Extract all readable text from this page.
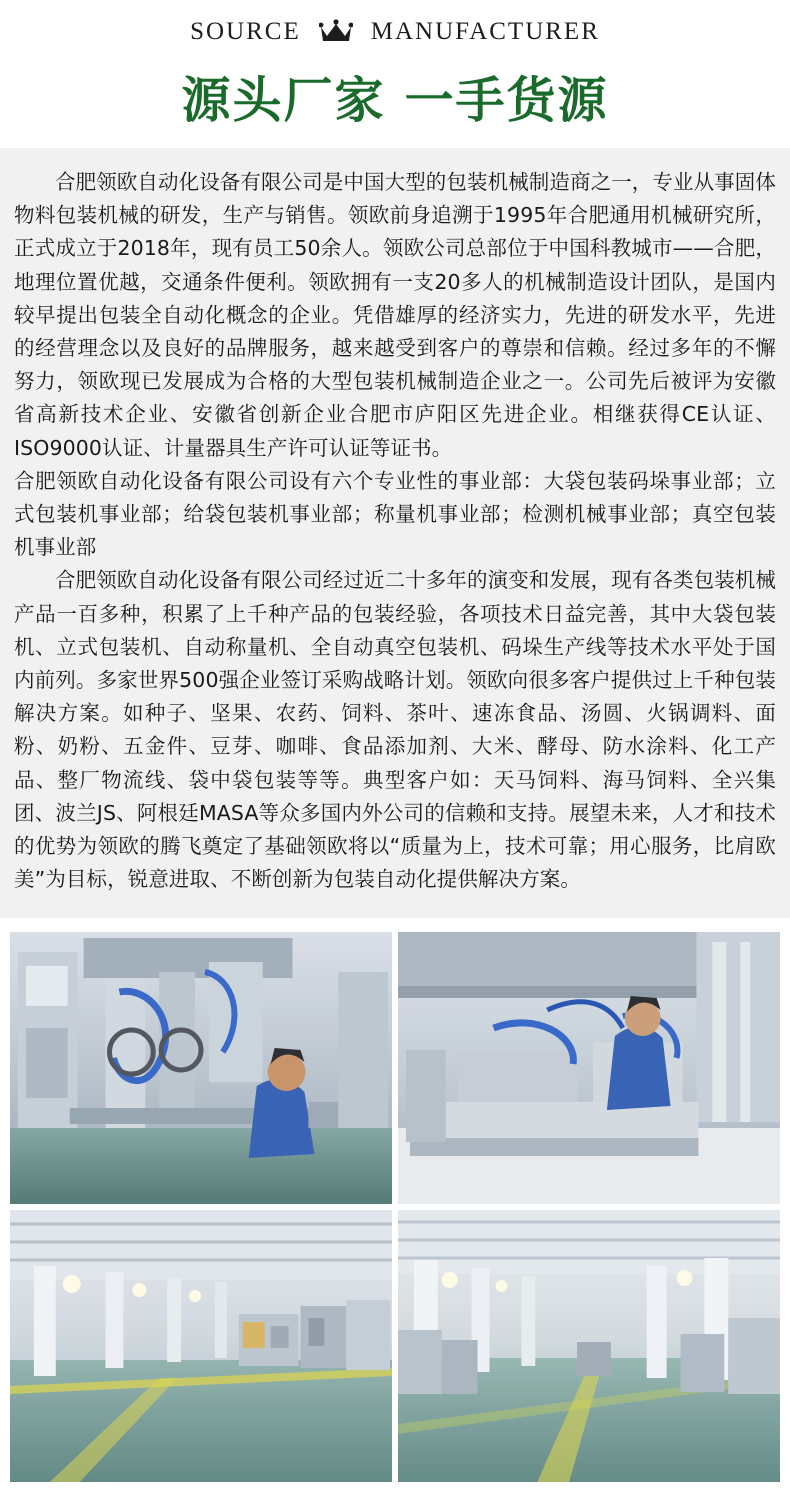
SOURCE	MANUFACTURER
源头厂家 一手货源

合肥领欧自动化设备有限公司是中国大型的包装机械制造商之一，专业从事固体物料包装机械的研发，生产与销售。领欧前身追溯于1995年合肥通用机械研究所，正式成立于2018年，现有员工50余人。领欧公司总部位于中国科教城市——合肥，地理位置优越，交通条件便利。领欧拥有一支20多人的机械制造设计团队，是国内较早提出包装全自动化概念的企业。凭借雄厚的经济实力，先进的研发水平，先进的经营理念以及良好的品牌服务，越来越受到客户的尊崇和信赖。经过多年的不懈努力，领欧现已发展成为合格的大型包装机械制造企业之一。公司先后被评为安徽省高新技术企业、安徽省创新企业合肥市庐阳区先进企业。相继获得CE认证、ISO9000认证、计量器具生产许可认证等证书。

合肥领欧自动化设备有限公司设有六个专业性的事业部：大袋包装码垛事业部；立式包装机事业部；给袋包装机事业部；称量机事业部；检测机械事业部；真空包装机事业部

合肥领欧自动化设备有限公司经过近二十多年的演变和发展，现有各类包装机械产品一百多种，积累了上千种产品的包装经验，各项技术日益完善，其中大袋包装机、立式包装机、自动称量机、全自动真空包装机、码垛生产线等技术水平处于国内前列。多家世界500强企业签订采购战略计划。领欧向很多客户提供过上千种包装解决方案。如种子、坚果、农药、饲料、茶叶、速冻食品、汤圆、火锅调料、面粉、奶粉、五金件、豆芽、咖啡、食品添加剂、大米、酵母、防水涂料、化工产品、整厂物流线、袋中袋包装等等。典型客户如：天马饲料、海马饲料、全兴集团、波兰JS、阿根廷MASA等众多国内外公司的信赖和支持。展望未来，人才和技术的优势为领欧的腾飞奠定了基础领欧将以“质量为上，技术可靠；用心服务，比肩欧美”为目标，锐意进取、不断创新为包装自动化提供解决方案。
